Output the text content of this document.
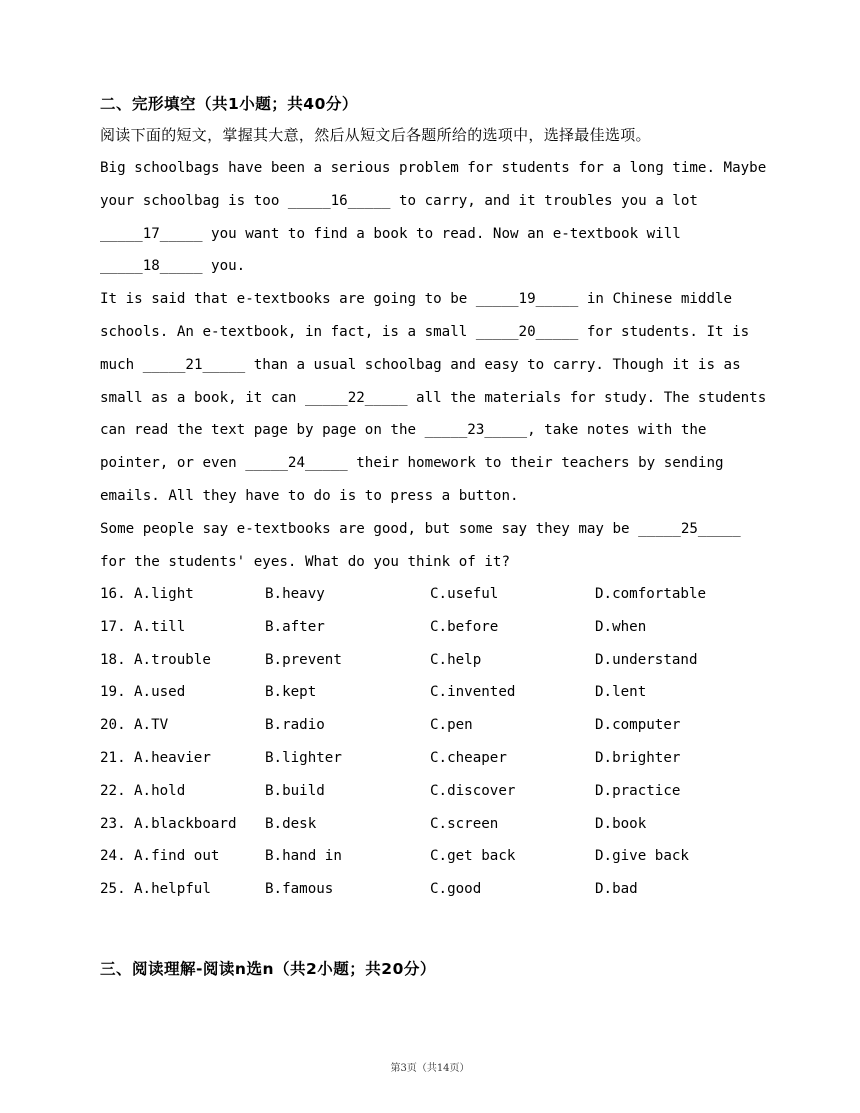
二、完形填空（共1小题；共40分）
阅读下面的短文，掌握其大意，然后从短文后各题所给的选项中，选择最佳选项。
Big schoolbags have been a serious problem for students for a long time. Maybe
your schoolbag is too _____16_____ to carry, and it troubles you a lot
_____17_____ you want to find a book to read. Now an e-textbook will
_____18_____ you.
It is said that e-textbooks are going to be _____19_____ in Chinese middle
schools. An e-textbook, in fact, is a small _____20_____ for students. It is
much _____21_____ than a usual schoolbag and easy to carry. Though it is as
small as a book, it can _____22_____ all the materials for study. The students
can read the text page by page on the _____23_____, take notes with the
pointer, or even _____24_____ their homework to their teachers by sending
emails. All they have to do is to press a button.
Some people say e-textbooks are good, but some say they may be _____25_____
for the students' eyes. What do you think of it?
16. A.light	B.heavy	C.useful	D.comfortable
17. A.till	B.after	C.before	D.when
18. A.trouble	B.prevent	C.help	D.understand
19. A.used	B.kept	C.invented	D.lent
20. A.TV	B.radio	C.pen	D.computer
21. A.heavier	B.lighter	C.cheaper	D.brighter
22. A.hold	B.build	C.discover	D.practice
23. A.blackboard B.desk	C.screen	D.book
24. A.find out	B.hand in	C.get back	D.give back
25. A.helpful	B.famous	C.good	D.bad
三、阅读理解-阅读n选n（共2小题；共20分）
第3页（共14页）
